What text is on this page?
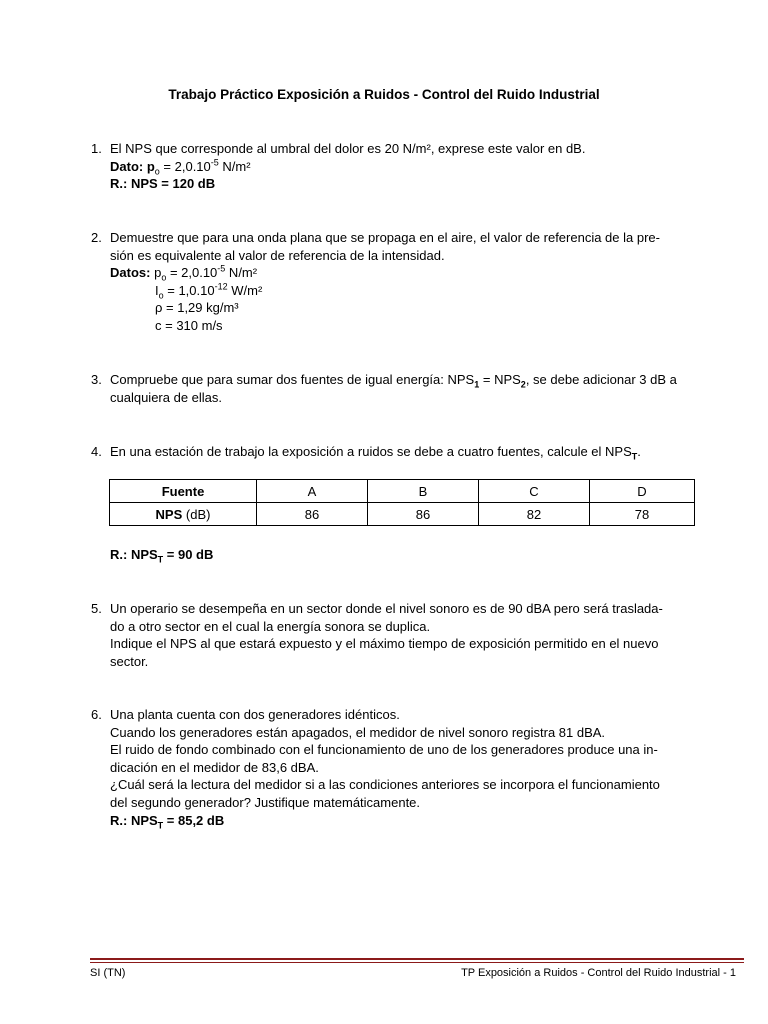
Trabajo Práctico Exposición a Ruidos - Control del Ruido Industrial
1. El NPS que corresponde al umbral del dolor es 20 N/m², exprese este valor en dB.
Dato: $p_o = 2,0.10^{-5}$ N/m²
R.: NPS = 120 dB
2. Demuestre que para una onda plana que se propaga en el aire, el valor de referencia de la pre-
sión es equivalente al valor de referencia de la intensidad.
Datos: $p_o = 2,0.10^{-5}$ N/m²
$I_o = 1,0.10^{-12}$ W/m²
ρ = 1,29 kg/m³
c = 310 m/s
3. Compruebe que para sumar dos fuentes de igual energía: $NPS_1 = NPS_2$, se debe adicionar 3 dB a
cualquiera de ellas.
4. En una estación de trabajo la exposición a ruidos se debe a cuatro fuentes, calcule el $NPS_T$.
Fuente	A	B	C	D
NPS (dB)	86	86	82	78
R.: $NPS_T = 90$ dB
5. Un operario se desempeña en un sector donde el nivel sonoro es de 90 dBA pero será traslada-
do a otro sector en el cual la energía sonora se duplica.
Indique el NPS al que estará expuesto y el máximo tiempo de exposición permitido en el nuevo
sector.
6. Una planta cuenta con dos generadores idénticos.
Cuando los generadores están apagados, el medidor de nivel sonoro registra 81 dBA.
El ruido de fondo combinado con el funcionamiento de uno de los generadores produce una in-
dicación en el medidor de 83,6 dBA.
¿Cuál será la lectura del medidor si a las condiciones anteriores se incorpora el funcionamiento
del segundo generador? Justifique matemáticamente.
R.: $NPS_T = 85,2$ dB
SI (TN)	TP Exposición a Ruidos - Control del Ruido Industrial - 1
